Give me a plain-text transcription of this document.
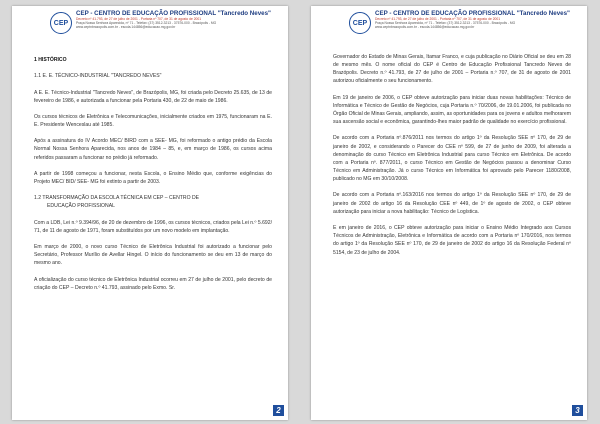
CEP
CEP - CENTRO DE EDUCAÇÃO PROFISSIONAL "Tancredo Neves"
Decreto nº 41.793, de 27 de julho de 2001 - Portaria nº 707, de 31 de agosto de 2001
Praça Nossa Senhora Aparecida, nº 71 - Telefax: (37) 3512-3213 - 37576-000 - Brazópolis - MG
www.ceptnbrazopolis.com.br - escola.144856@educacao.mg.gov.br

1 HISTÓRICO

1.1 E. E. TÉCNICO-INDUSTRIAL "TANCREDO NEVES"

A E. E. Técnico-Industrial "Tancredo Neves", de Brazópolis, MG, foi criada pelo Decreto 25.635, de 13 de fevereiro de 1986, e autorizada a funcionar pela Portaria 430, de 22 de maio de 1986.

Os cursos técnicos de Eletrônica e Telecomunicações, inicialmente criados em 1975, funcionaram na E. E. Presidente Wenceslau até 1985.

Após a assinatura do IV Acordo MEC/ BIRD com a SEE- MG, foi reformado o antigo prédio da Escola Normal Nossa Senhora Aparecida, nos anos de 1984 – 85, e, em março de 1986, os cursos acima referidos passaram a funcionar no prédio já reformado.

A partir de 1998 começou a funcionar, nesta Escola, o Ensino Médio que, conforme exigências do Projeto MEC/ BID/ SEE- MG foi extinto a partir de 2003.

1.2 TRANSFORMAÇÃO DA ESCOLA TÉCNICA EM CEP – CENTRO DE
EDUCAÇÃO PROFISSIONAL

Com a LDB, Lei n.º 9.394/96, de 20 de dezembro de 1996, os cursos técnicos, criados pela Lei n.º 5.692/ 71, de 11 de agosto de 1971, foram substituídos por um novo modelo em implantação.

Em março de 2000, o novo curso Técnico de Eletrônica Industrial foi autorizado a funcionar pelo Secretário, Professor Murílio de Avellar Hingel. O início do funcionamento se deu em 13 de março do mesmo ano.

A oficialização do curso técnico de Eletrônica Industrial ocorreu em 27 de julho de 2001, pelo decreto de criação do CEP – Decreto n.º 41.793, assinado pelo Exmo. Sr.

2
CEP
CEP - CENTRO DE EDUCAÇÃO PROFISSIONAL "Tancredo Neves"
Decreto nº 41.793, de 27 de julho de 2001 - Portaria nº 707, de 31 de agosto de 2001
Praça Nossa Senhora Aparecida, nº 71 - Telefax: (37) 3512-3213 - 37576-000 - Brazópolis - MG
www.ceptnbrazopolis.com.br - escola.144856@educacao.mg.gov.br

Governador do Estado de Minas Gerais, Itamar Franco, e cuja publicação no Diário Oficial se deu em 28 de mesmo mês. O nome oficial do CEP é Centro de Educação Profissional Tancredo Neves de Brazópolis. Decreto n.º 41.793, de 27 de julho de 2001 – Portaria n.º 707, de 31 de agosto de 2001 autorizou oficialmente o seu funcionamento.

Em 19 de janeiro de 2006, o CEP obteve autorização para iniciar duas novas habilitações: Técnico de Informática e Técnico de Gestão de Negócios, cuja Portaria n.º 70/2006, de 19.01.2006, foi publicada no Órgão Oficial de Minas Gerais, ampliando, assim, as oportunidades para os jovens e adultos melhorarem sua ascensão social e econômica, garantindo-lhes maior padrão de qualidade no exercício profissional.

De acordo com a Portaria nº.876/2011 nos termos do artigo 1º da Resolução SEE nº 170, de 29 de janeiro de 2002, e considerando o Parecer do CEE nº 599, de 27 de junho de 2009, foi alterada a denominação do curso Técnico em Eletrônica Industrial para curso Técnico em Eletrônica. De acordo com a Portaria nº. 877/2011, o curso Técnico em Gestão de Negócios passou a denominar Curso Técnico em Administração. Já o curso Técnico em Informática foi aprovado pelo Parecer 1180/2008, publicado no MG em 30/10/2008.

De acordo com a Portaria nº.163/2016 nos termos do artigo 1º da Resolução SEE nº 170, de 29 de janeiro de 2002 do artigo 16 da Resolução CEE nº 449, de 1º de agosto de 2002, o CEP obteve autorização para iniciar a nova habilitação: Técnico de Logística.

E em janeiro de 2016, o CEP obteve autorização para iniciar o Ensino Médio Integrado aos Cursos Técnicos de Administração, Eletrônica e Informática de acordo com a Portaria nº 170/2016, nos termos do artigo 1º da Resolução SEE nº 170, de 29 de janeiro de 2002 do artigo 16 da Resolução Federal nº 5154, de 23 de julho de 2004.

3
